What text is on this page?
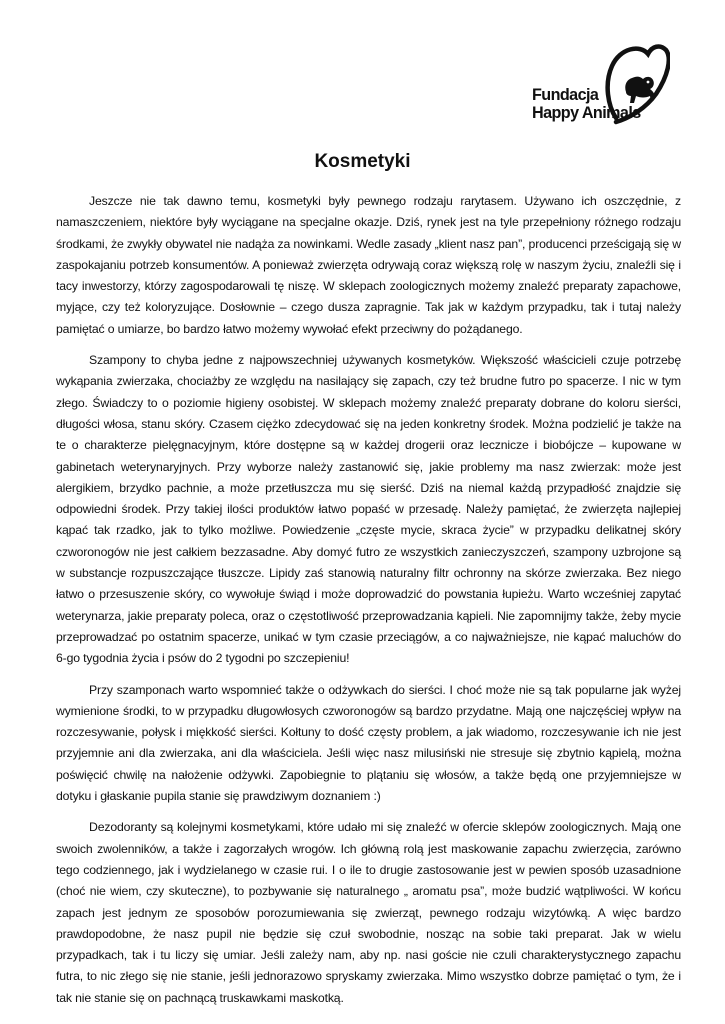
Fundacja
Happy Animals
Kosmetyki

Jeszcze nie tak dawno temu, kosmetyki były pewnego rodzaju rarytasem. Używano ich oszczędnie, z namaszczeniem, niektóre były wyciągane na specjalne okazje. Dziś, rynek jest na tyle przepełniony różnego rodzaju środkami, że zwykły obywatel nie nadąża za nowinkami. Wedle zasady „klient nasz pan”, producenci prześcigają się w zaspokajaniu potrzeb konsumentów. A ponieważ zwierzęta odrywają coraz większą rolę w naszym życiu, znaleźli się i tacy inwestorzy, którzy zagospodarowali tę niszę. W sklepach zoologicznych możemy znaleźć preparaty zapachowe, myjące, czy też koloryzujące. Dosłownie – czego dusza zapragnie. Tak jak w każdym przypadku, tak i tutaj należy pamiętać o umiarze, bo bardzo łatwo możemy wywołać efekt przeciwny do pożądanego.

Szampony to chyba jedne z najpowszechniej używanych kosmetyków. Większość właścicieli czuje potrzebę wykąpania zwierzaka, chociażby ze względu na nasilający się zapach, czy też brudne futro po spacerze. I nic w tym złego. Świadczy to o poziomie higieny osobistej. W sklepach możemy znaleźć preparaty dobrane do koloru sierści, długości włosa, stanu skóry. Czasem ciężko zdecydować się na jeden konkretny środek. Można podzielić je także na te o charakterze pielęgnacyjnym, które dostępne są w każdej drogerii oraz lecznicze i biobójcze – kupowane w gabinetach weterynaryjnych. Przy wyborze należy zastanowić się, jakie problemy ma nasz zwierzak: może jest alergikiem, brzydko pachnie, a może przetłuszcza mu się sierść. Dziś na niemal każdą przypadłość znajdzie się odpowiedni środek. Przy takiej ilości produktów łatwo popaść w przesadę. Należy pamiętać, że zwierzęta najlepiej kąpać tak rzadko, jak to tylko możliwe. Powiedzenie „częste mycie, skraca życie” w przypadku delikatnej skóry czworonogów nie jest całkiem bezzasadne. Aby domyć futro ze wszystkich zanieczyszczeń, szampony uzbrojone są w substancje rozpuszczające tłuszcze. Lipidy zaś stanowią naturalny filtr ochronny na skórze zwierzaka. Bez niego łatwo o przesuszenie skóry, co wywołuje świąd i może doprowadzić do powstania łupieżu. Warto wcześniej zapytać weterynarza, jakie preparaty poleca, oraz o częstotliwość przeprowadzania kąpieli. Nie zapomnijmy także, żeby mycie przeprowadzać po ostatnim spacerze, unikać w tym czasie przeciągów, a co najważniejsze, nie kąpać maluchów do 6-go tygodnia życia i psów do 2 tygodni po szczepieniu!

Przy szamponach warto wspomnieć także o odżywkach do sierści. I choć może nie są tak popularne jak wyżej wymienione środki, to w przypadku długowłosych czworonogów są bardzo przydatne. Mają one najczęściej wpływ na rozczesywanie, połysk i miękkość sierści. Kołtuny to dość częsty problem, a jak wiadomo, rozczesywanie ich nie jest przyjemnie ani dla zwierzaka, ani dla właściciela. Jeśli więc nasz milusiński nie stresuje się zbytnio kąpielą, można poświęcić chwilę na nałożenie odżywki. Zapobiegnie to plątaniu się włosów, a także będą one przyjemniejsze w dotyku i głaskanie pupila stanie się prawdziwym doznaniem :)

Dezodoranty są kolejnymi kosmetykami, które udało mi się znaleźć w ofercie sklepów zoologicznych. Mają one swoich zwolenników, a także i zagorzałych wrogów. Ich główną rolą jest maskowanie zapachu zwierzęcia, zarówno tego codziennego, jak i wydzielanego w czasie rui. I o ile to drugie zastosowanie jest w pewien sposób uzasadnione (choć nie wiem, czy skuteczne), to pozbywanie się naturalnego „ aromatu psa”, może budzić wątpliwości. W końcu zapach jest jednym ze sposobów porozumiewania się zwierząt, pewnego rodzaju wizytówką. A więc bardzo prawdopodobne, że nasz pupil nie będzie się czuł swobodnie, nosząc na sobie taki preparat. Jak w wielu przypadkach, tak i tu liczy się umiar. Jeśli zależy nam, aby np. nasi goście nie czuli charakterystycznego zapachu futra, to nic złego się nie stanie, jeśli jednorazowo spryskamy zwierzaka. Mimo wszystko dobrze pamiętać o tym, że i tak nie stanie się on pachnącą truskawkami maskotką.
